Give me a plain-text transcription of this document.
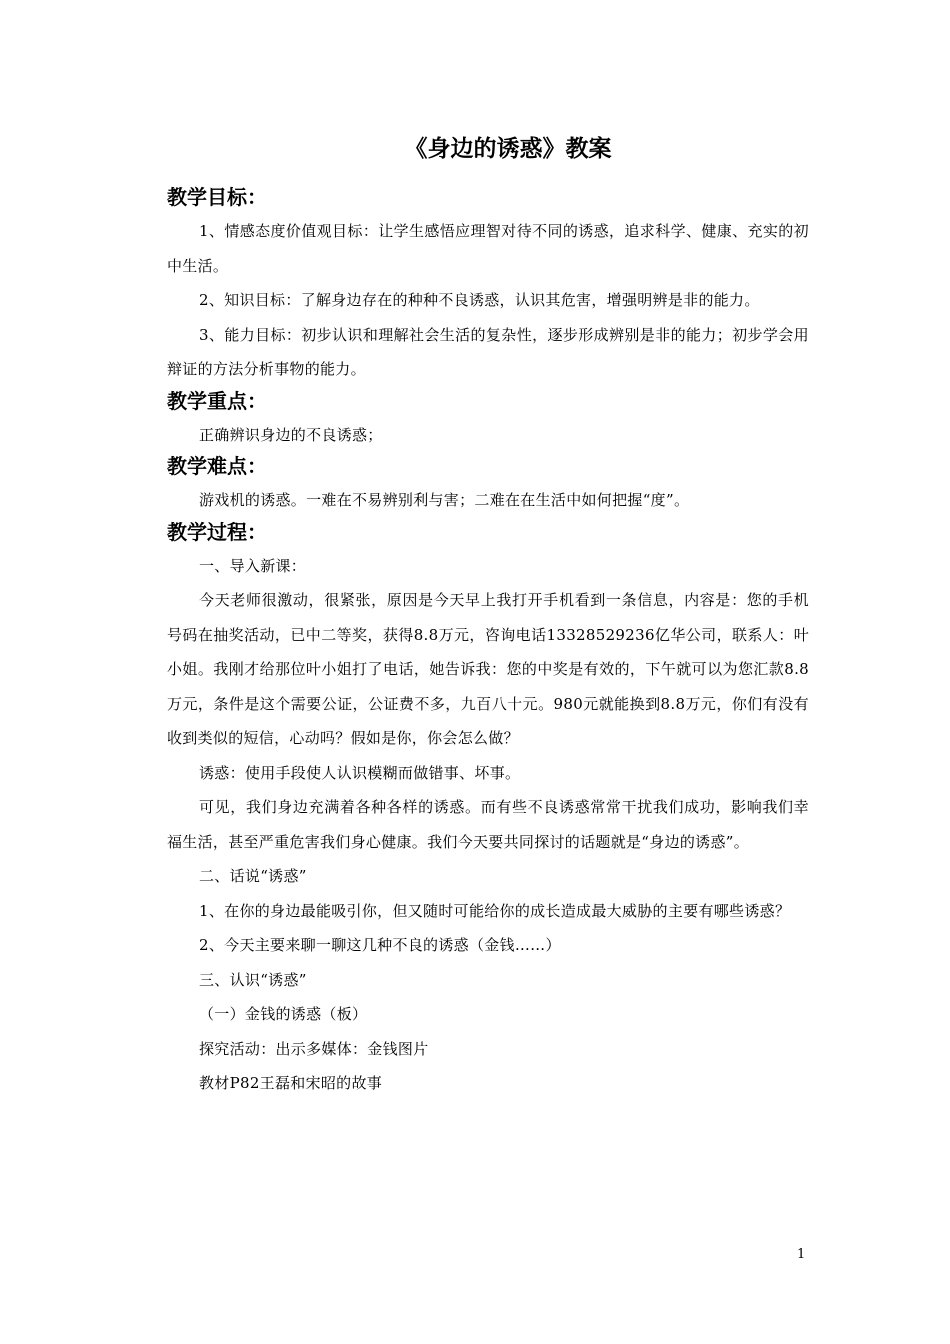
《身边的诱惑》教案
教学目标：

1、情感态度价值观目标：让学生感悟应理智对待不同的诱惑，追求科学、健康、充实的初中生活。

2、知识目标：了解身边存在的种种不良诱惑，认识其危害，增强明辨是非的能力。

3、能力目标：初步认识和理解社会生活的复杂性，逐步形成辨别是非的能力；初步学会用辩证的方法分析事物的能力。

教学重点：

正确辨识身边的不良诱惑；

教学难点：

游戏机的诱惑。一难在不易辨别利与害；二难在在生活中如何把握“度”。

教学过程：

一、导入新课：

今天老师很激动，很紧张，原因是今天早上我打开手机看到一条信息，内容是：您的手机号码在抽奖活动，已中二等奖，获得8.8万元，咨询电话13328529236亿华公司，联系人：叶小姐。我刚才给那位叶小姐打了电话，她告诉我：您的中奖是有效的，下午就可以为您汇款8.8万元，条件是这个需要公证，公证费不多，九百八十元。980元就能换到8.8万元，你们有没有收到类似的短信，心动吗？假如是你，你会怎么做？

诱惑：使用手段使人认识模糊而做错事、坏事。

可见，我们身边充满着各种各样的诱惑。而有些不良诱惑常常干扰我们成功，影响我们幸福生活，甚至严重危害我们身心健康。我们今天要共同探讨的话题就是“身边的诱惑”。

二、话说“诱惑”

1、在你的身边最能吸引你，但又随时可能给你的成长造成最大威胁的主要有哪些诱惑？

2、今天主要来聊一聊这几种不良的诱惑（金钱……）

三、认识“诱惑”

（一）金钱的诱惑（板）

探究活动：出示多媒体：金钱图片

教材P82王磊和宋昭的故事

1
